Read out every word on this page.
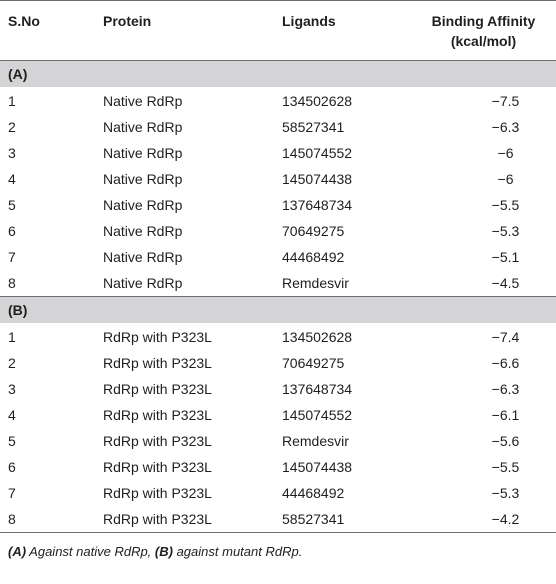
S.No	Protein	Ligands	Binding Affinity
(kcal/mol)

(A)			
1	Native RdRp	134502628	−7.5
2	Native RdRp	58527341	−6.3
3	Native RdRp	145074552	−6
4	Native RdRp	145074438	−6
5	Native RdRp	137648734	−5.5
6	Native RdRp	70649275	−5.3
7	Native RdRp	44468492	−5.1
8	Native RdRp	Remdesvir	−4.5
(B)			
1	RdRp with P323L	134502628	−7.4
2	RdRp with P323L	70649275	−6.6
3	RdRp with P323L	137648734	−6.3
4	RdRp with P323L	145074552	−6.1
5	RdRp with P323L	Remdesvir	−5.6
6	RdRp with P323L	145074438	−5.5
7	RdRp with P323L	44468492	−5.3
8	RdRp with P323L	58527341	−4.2
(A) Against native RdRp, (B) against mutant RdRp.
